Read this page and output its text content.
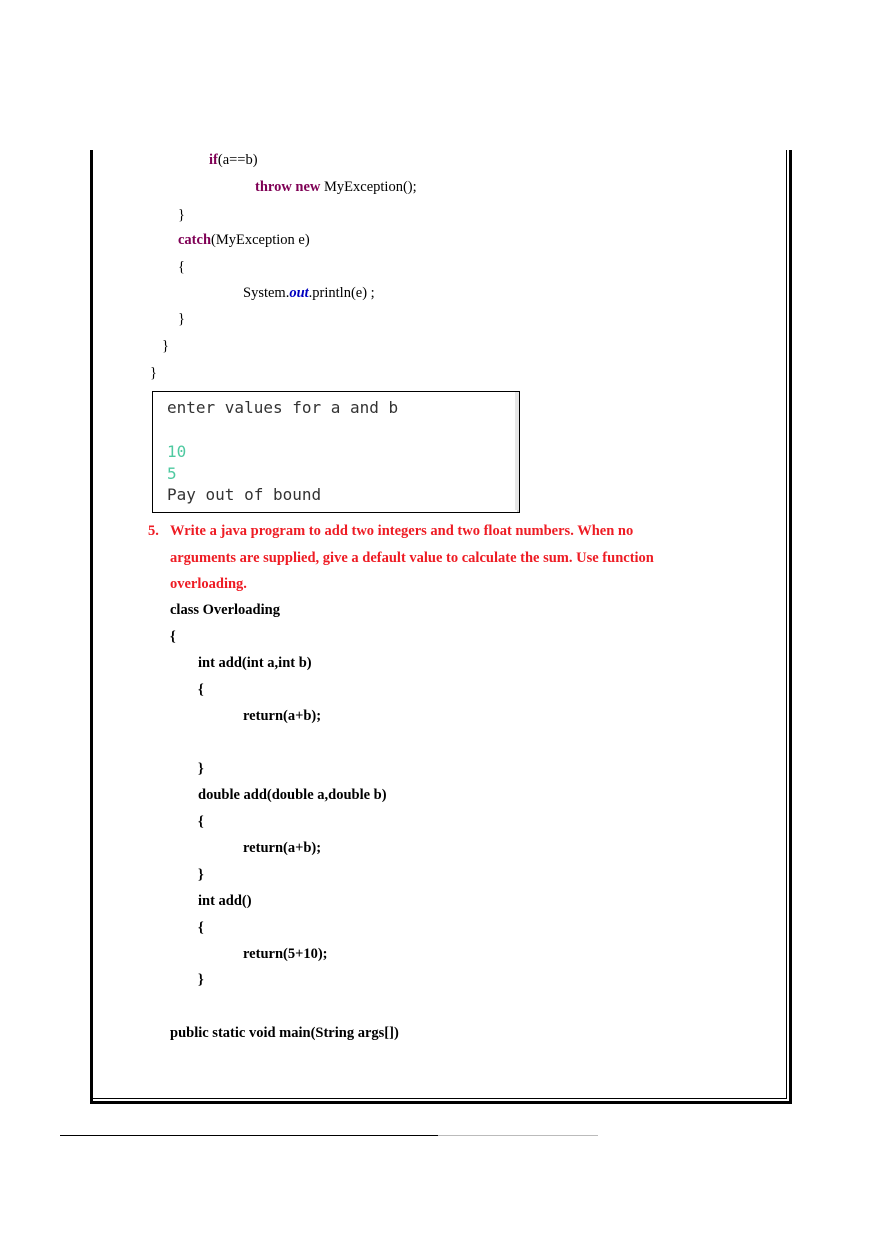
if(a==b)
throw new MyException();
}
catch(MyException e)
{
System.out.println(e) ;
}
}
}
enter values for a and b
10
5
Pay out of bound
5. Write a java program to add two integers and two float numbers. When no
arguments are supplied, give a default value to calculate the sum. Use function
overloading.
class Overloading
{
int add(int a,int b)
{
return(a+b);
}
double add(double a,double b)
{
return(a+b);
}
int add()
{
return(5+10);
}
public static void main(String args[])
